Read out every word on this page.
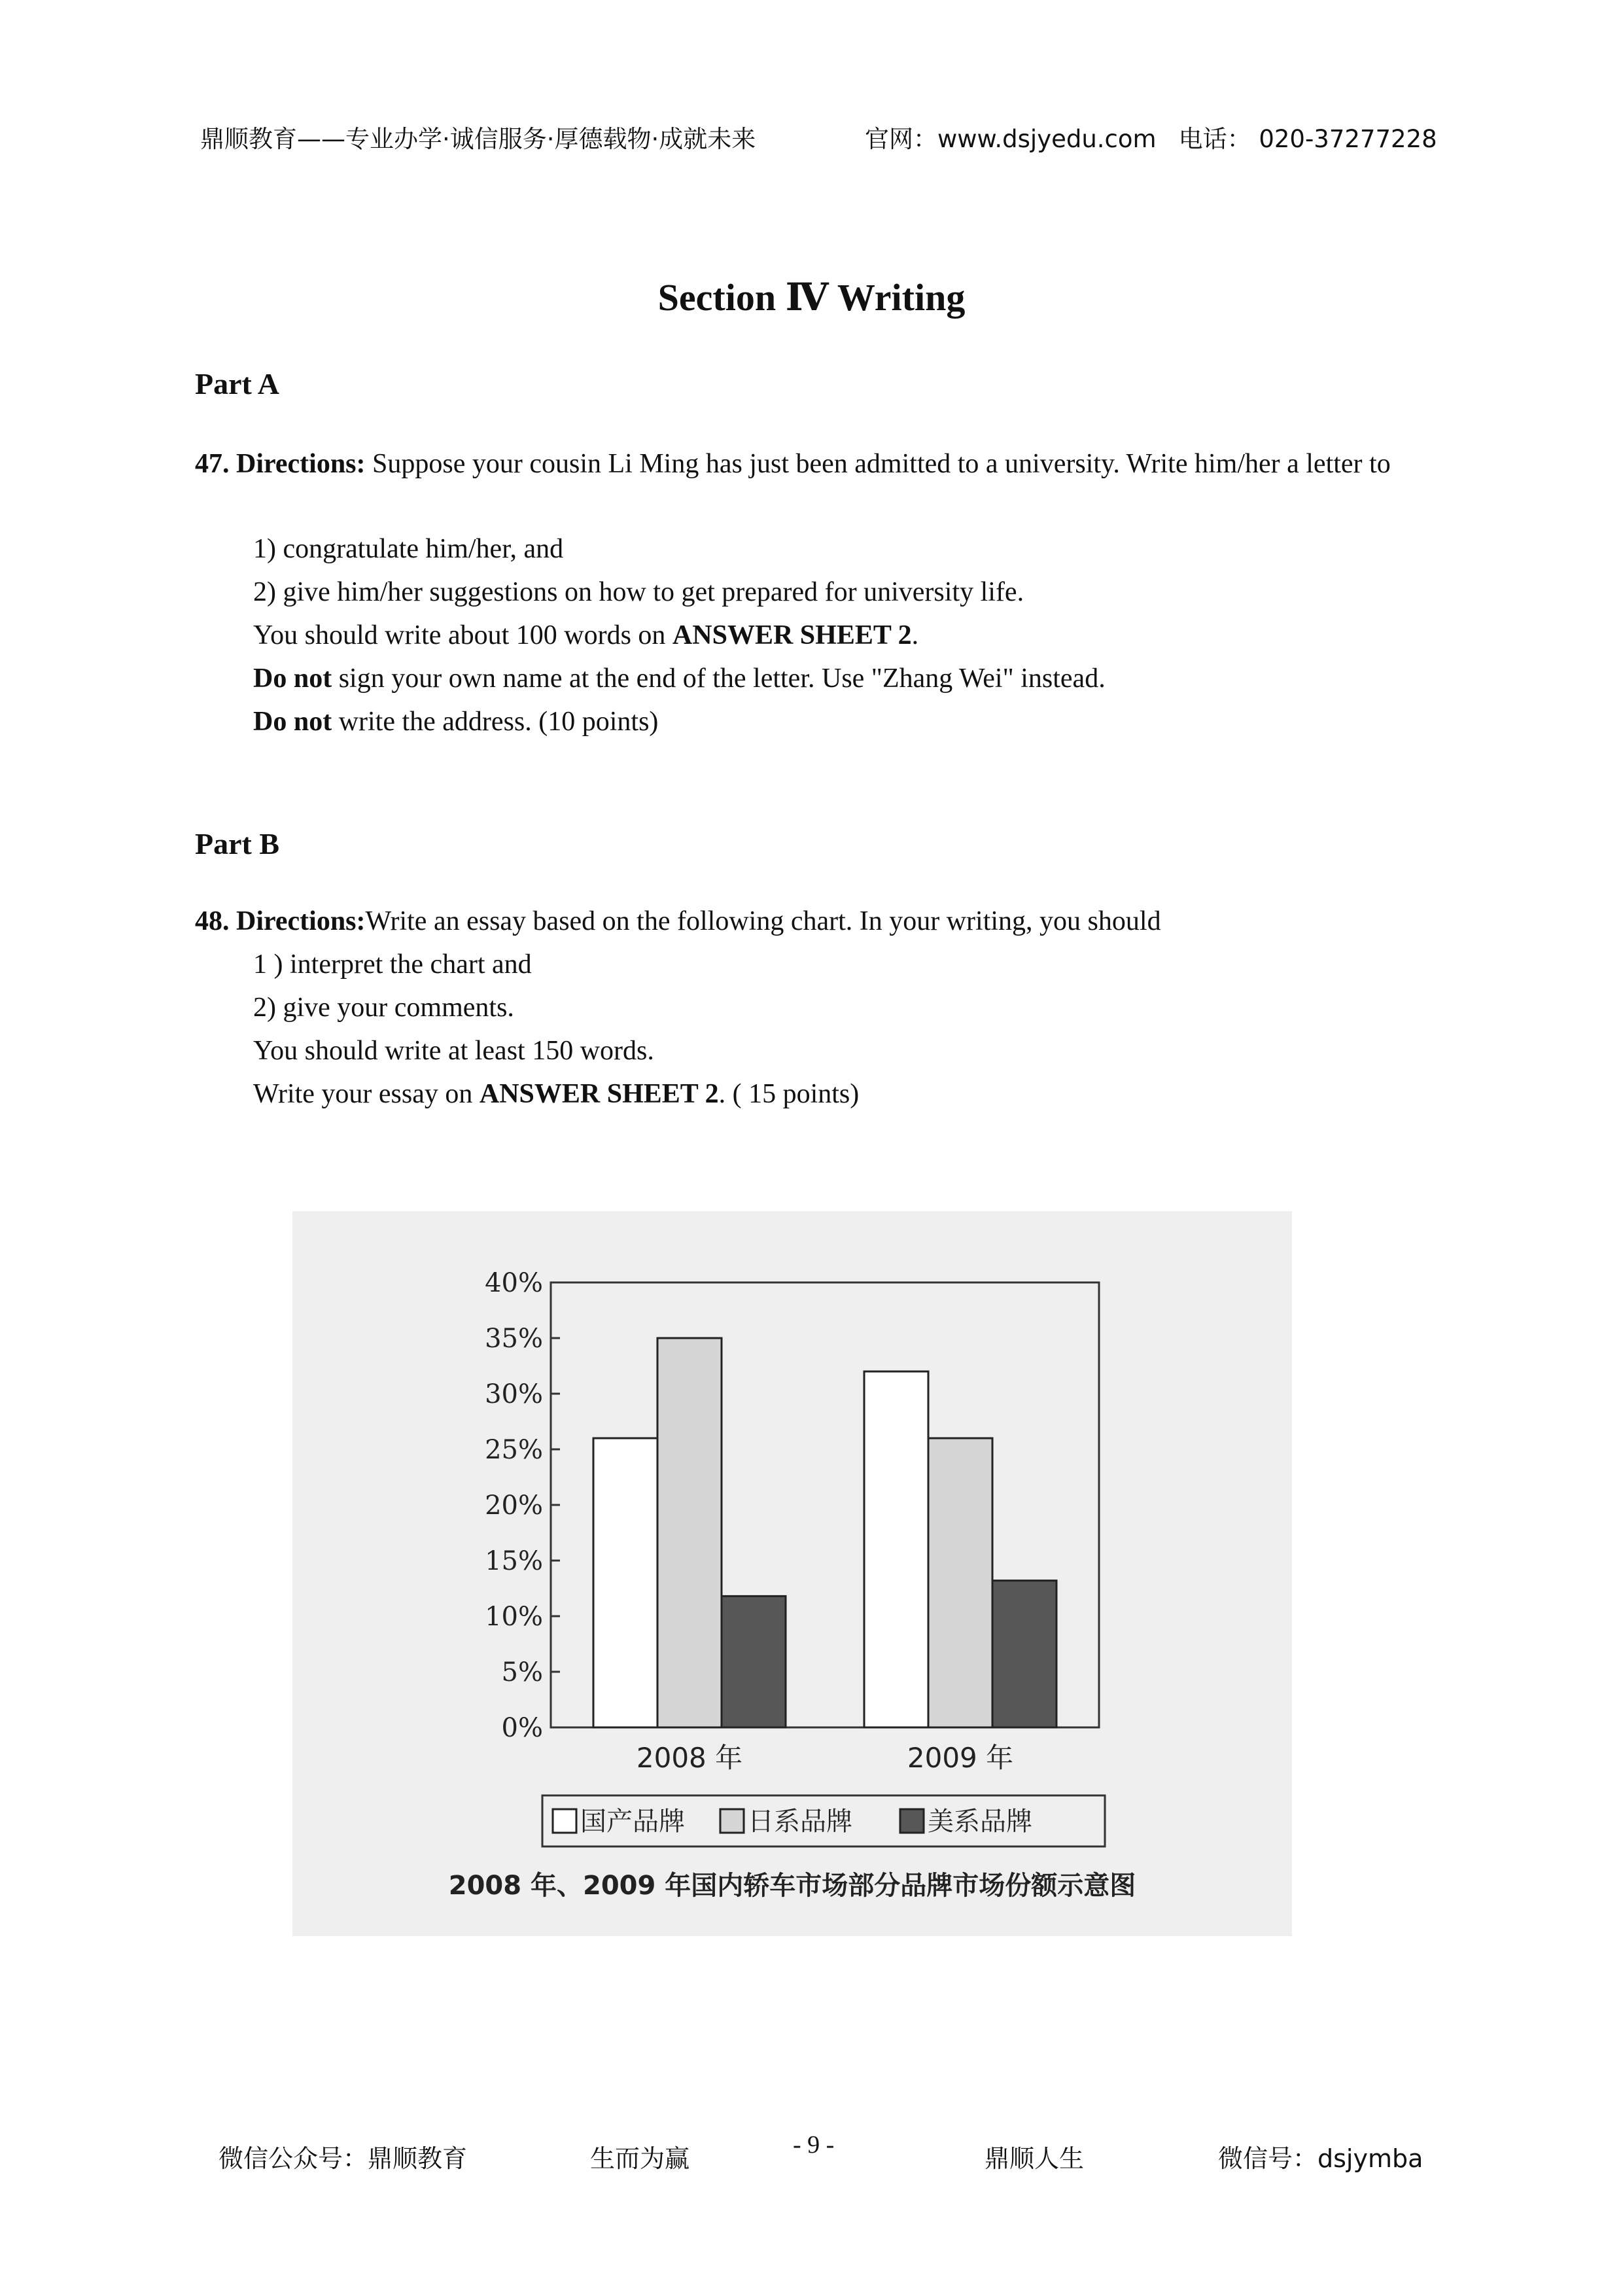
鼎顺教育——专业办学·诚信服务·厚德载物·成就未来	官网：www.dsjyedu.com 电话： 020-37277228
Section Ⅳ Writing
Part A

47. Directions: Suppose your cousin Li Ming has just been admitted to a university. Write him/her a letter to

1) congratulate him/her, and

2) give him/her suggestions on how to get prepared for university life.

You should write about 100 words on ANSWER SHEET 2.

Do not sign your own name at the end of the letter. Use "Zhang Wei" instead.

Do not write the address. (10 points)

Part B

48. Directions:Write an essay based on the following chart. In your writing, you should

1 ) interpret the chart and

2) give your comments.

You should write at least 150 words.

Write your essay on ANSWER SHEET 2. ( 15 points)

0%
5%
10%
15%
20%
25%
30%
35%
40%
2008 年	2009 年
国产品牌 日系品牌	美系品牌
2008 年、2009 年国内轿车市场部分品牌市场份额示意图
微信公众号：鼎顺教育	生而为赢	- 9 -	鼎顺人生	微信号：dsjymba
